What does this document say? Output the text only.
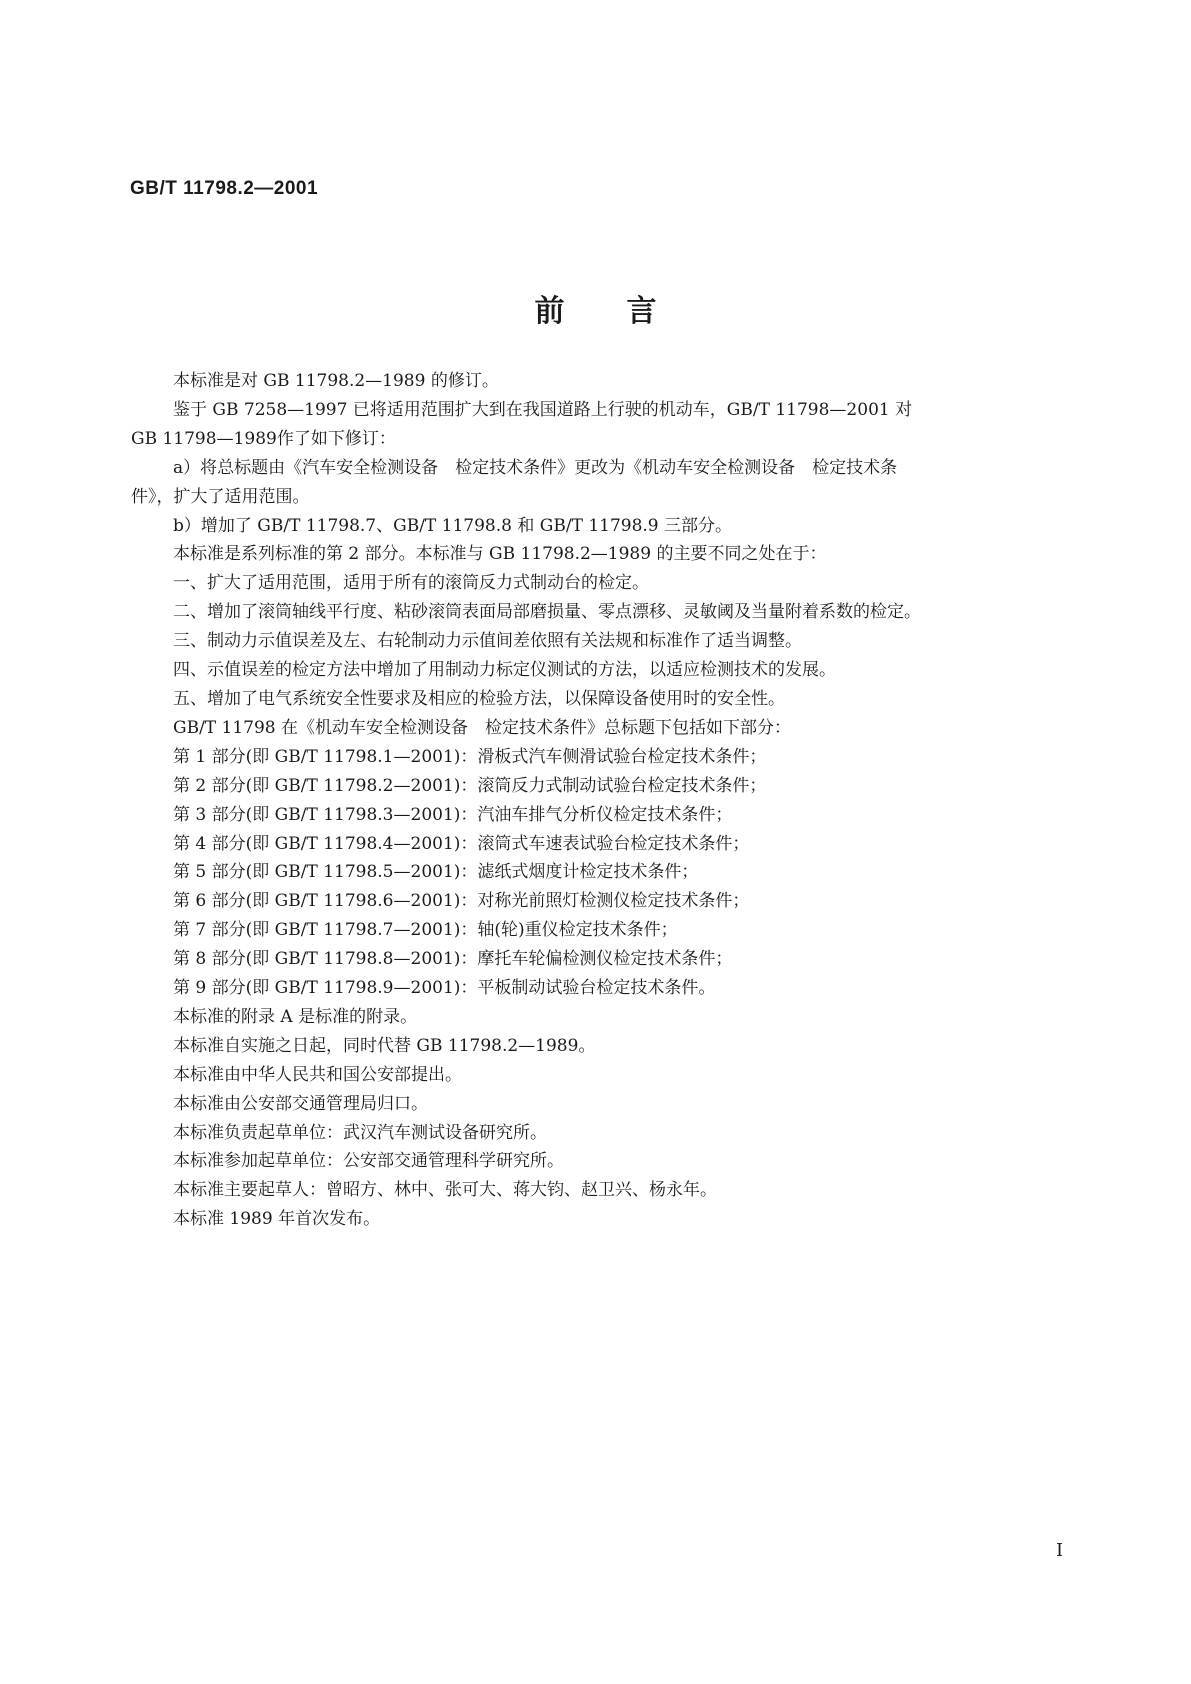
GB/T 11798.2—2001

前言

本标准是对 GB 11798.2—1989 的修订。

鉴于 GB 7258—1997 已将适用范围扩大到在我国道路上行驶的机动车，GB/T 11798—2001 对

GB 11798—1989作了如下修订：

a）将总标题由《汽车安全检测设备　检定技术条件》更改为《机动车安全检测设备　检定技术条

件》，扩大了适用范围。

b）增加了 GB/T 11798.7、GB/T 11798.8 和 GB/T 11798.9 三部分。

本标准是系列标准的第 2 部分。本标准与 GB 11798.2—1989 的主要不同之处在于：

一、扩大了适用范围，适用于所有的滚筒反力式制动台的检定。

二、增加了滚筒轴线平行度、粘砂滚筒表面局部磨损量、零点漂移、灵敏阈及当量附着系数的检定。

三、制动力示值误差及左、右轮制动力示值间差依照有关法规和标准作了适当调整。

四、示值误差的检定方法中增加了用制动力标定仪测试的方法，以适应检测技术的发展。

五、增加了电气系统安全性要求及相应的检验方法，以保障设备使用时的安全性。

GB/T 11798 在《机动车安全检测设备　检定技术条件》总标题下包括如下部分：

第 1 部分(即 GB/T 11798.1—2001)：滑板式汽车侧滑试验台检定技术条件；

第 2 部分(即 GB/T 11798.2—2001)：滚筒反力式制动试验台检定技术条件；

第 3 部分(即 GB/T 11798.3—2001)：汽油车排气分析仪检定技术条件；

第 4 部分(即 GB/T 11798.4—2001)：滚筒式车速表试验台检定技术条件；

第 5 部分(即 GB/T 11798.5—2001)：滤纸式烟度计检定技术条件；

第 6 部分(即 GB/T 11798.6—2001)：对称光前照灯检测仪检定技术条件；

第 7 部分(即 GB/T 11798.7—2001)：轴(轮)重仪检定技术条件；

第 8 部分(即 GB/T 11798.8—2001)：摩托车轮偏检测仪检定技术条件；

第 9 部分(即 GB/T 11798.9—2001)：平板制动试验台检定技术条件。

本标准的附录 A 是标准的附录。

本标准自实施之日起，同时代替 GB 11798.2—1989。

本标准由中华人民共和国公安部提出。

本标准由公安部交通管理局归口。

本标准负责起草单位：武汉汽车测试设备研究所。

本标准参加起草单位：公安部交通管理科学研究所。

本标准主要起草人：曾昭方、林中、张可大、蒋大钧、赵卫兴、杨永年。

本标准 1989 年首次发布。

I
